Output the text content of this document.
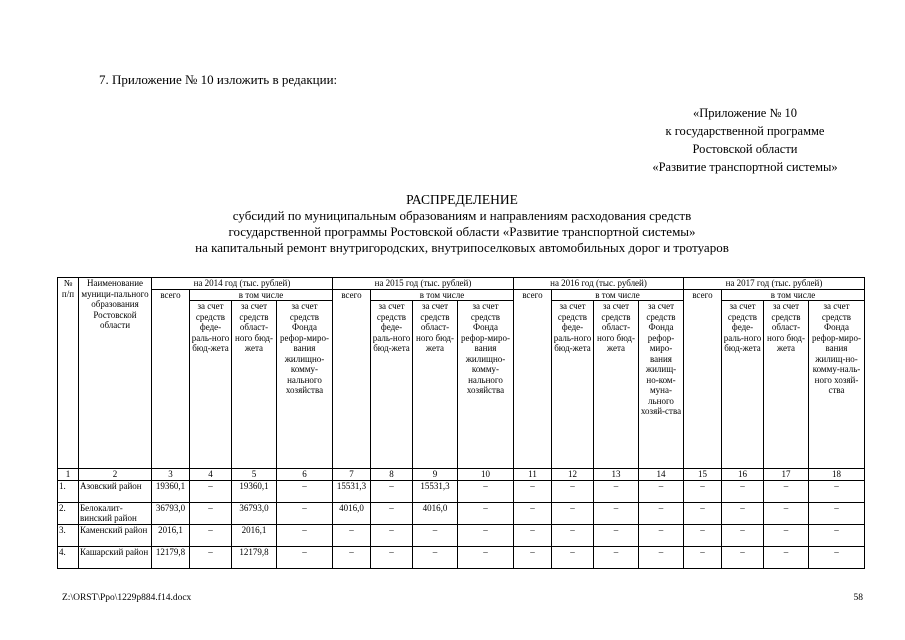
7. Приложение № 10 изложить в редакции:
«Приложение № 10
к государственной программе
Ростовской области
«Развитие транспортной системы»
РАСПРЕДЕЛЕНИЕ
субсидий по муниципальным образованиям и направлениям расходования средств
государственной программы Ростовской области «Развитие транспортной системы»
на капитальный ремонт внутригородских, внутрипоселковых автомобильных дорог и тротуаров
№ п/п	Наименование муници-пального образования Ростовской области	на 2014 год (тыс. рублей)				на 2015 год (тыс. рублей)				на 2016 год (тыс. рублей)				на 2017 год (тыс. рублей)			
		всего	в том числе			всего	в том числе			всего	в том числе			всего	в том числе		
			за счет средств феде-раль-ного бюд-жета	за счет средств област-ного бюд-жета	за счет средств Фонда рефор-миро-вания жилищно-комму-нального хозяйства		за счет средств феде-раль-ного бюд-жета	за счет средств област-ного бюд-жета	за счет средств Фонда рефор-миро-вания жилищно-комму-нального хозяйства		за счет средств феде-раль-ного бюд-жета	за счет средств област-ного бюд-жета	за счет средств Фонда рефор-миро-вания жилищ-но-ком-муна-льного хозяй-ства		за счет средств феде-раль-ного бюд-жета	за счет средств област-ного бюд-жета	за счет средств Фонда рефор-миро-вания жилищ-но-комму-наль-ного хозяй-ства
1	2	3	4	5	6	7	8	9	10	11	12	13	14	15	16	17	18
1.	Азовский район	19360,1	–	19360,1	–	15531,3	–	15531,3	–	–	–	–	–	–	–	–	–
2.	Белокалит-винский район	36793,0	–	36793,0	–	4016,0	–	4016,0	–	–	–	–	–	–	–	–	–
3.	Каменский район	2016,1	–	2016,1	–	–	–	–	–	–	–	–	–	–	–	–	–
4.	Кашарский район	12179,8	–	12179,8	–	–	–	–	–	–	–	–	–	–	–	–	–
Z:\ORST\Ppo\1229p884.f14.docx	58
